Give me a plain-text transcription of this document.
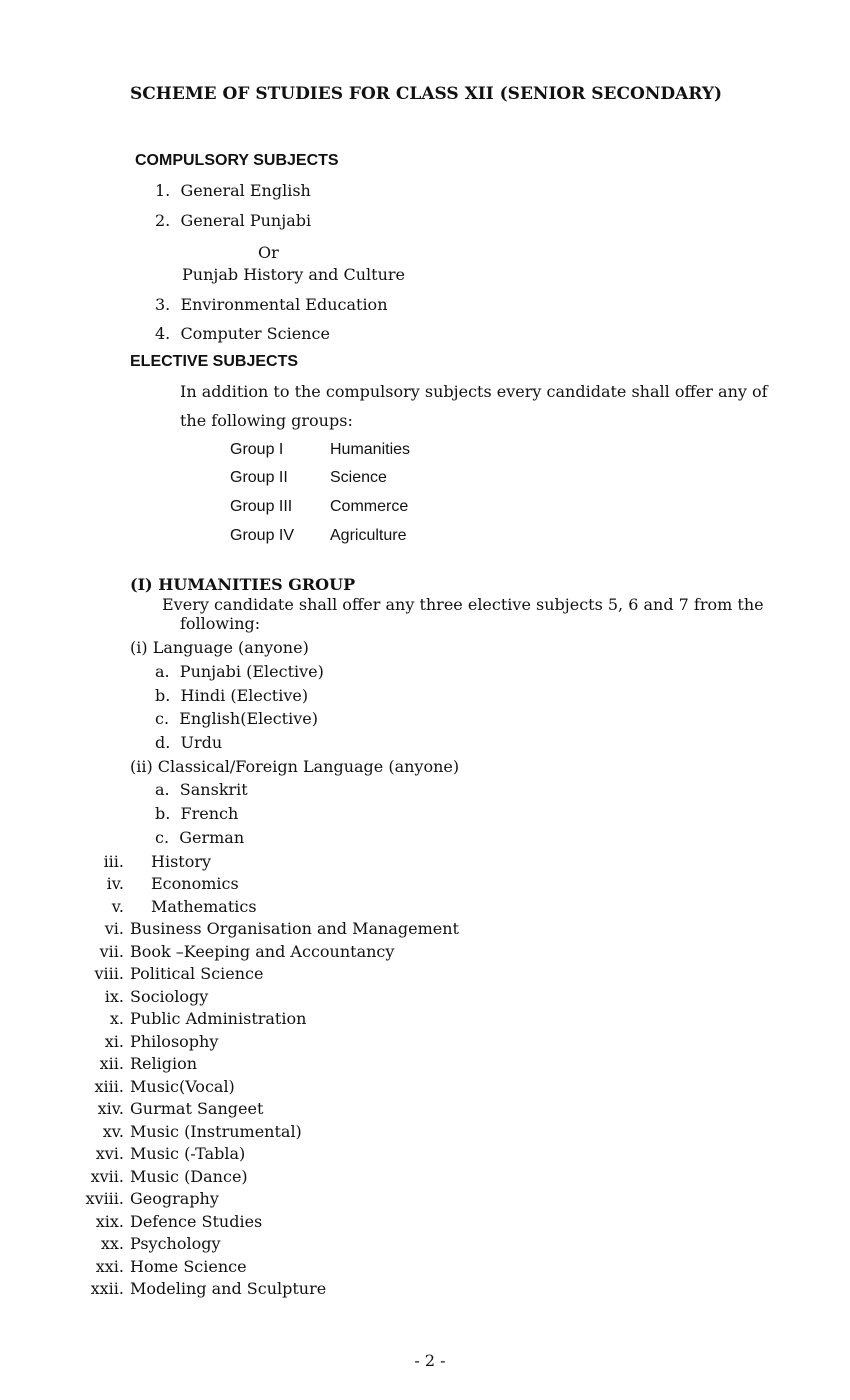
SCHEME OF STUDIES FOR CLASS XII (SENIOR SECONDARY)
COMPULSORY SUBJECTS
1. General English
2. General Punjabi
Or
Punjab History and Culture
3. Environmental Education
4. Computer Science
ELECTIVE SUBJECTS
In addition to the compulsory subjects every candidate shall offer any of
the following groups:
Group I	Humanities
Group II	Science
Group III Commerce
Group IV Agriculture
(I) HUMANITIES GROUP
Every candidate shall offer any three elective subjects 5, 6 and 7 from the
following:
(i) Language (anyone)
a. Punjabi (Elective)
b. Hindi (Elective)
c. English(Elective)
d. Urdu
(ii) Classical/Foreign Language (anyone)
a. Sanskrit
b. French
c. German
iii. History
iv. Economics
v. Mathematics
vi. Business Organisation and Management
vii. Book –Keeping and Accountancy
viii. Political Science
ix. Sociology
x. Public Administration
xi. Philosophy
xii. Religion
xiii. Music(Vocal)
xiv. Gurmat Sangeet
xv. Music (Instrumental)
xvi. Music (-Tabla)
xvii. Music (Dance)
xviii. Geography
xix. Defence Studies
xx. Psychology
xxi. Home Science
xxii. Modeling and Sculpture
- 2 -
